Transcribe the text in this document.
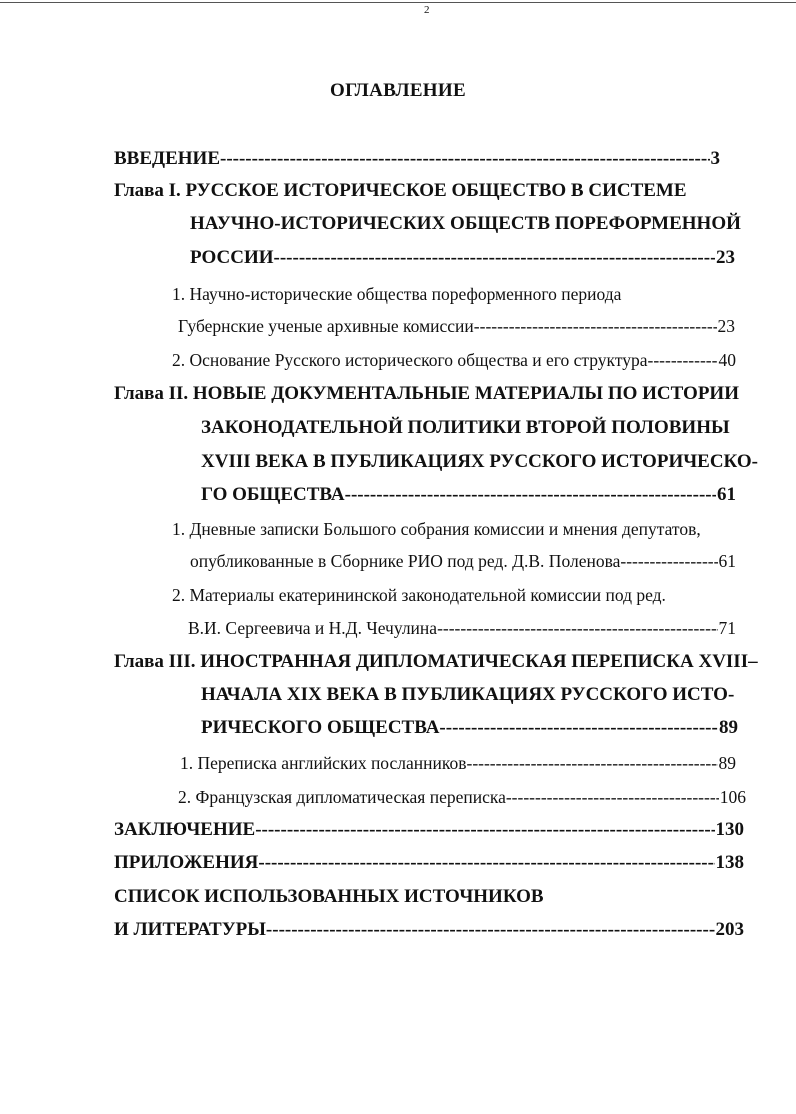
2
ОГЛАВЛЕНИЕ
ВВЕДЕНИЕ -----	3
Глава I. РУССКОЕ ИСТОРИЧЕСКОЕ ОБЩЕСТВО В СИСТЕМЕ
НАУЧНО-ИСТОРИЧЕСКИХ ОБЩЕСТВ ПОРЕФОРМЕННОЙ
РОССИИ -----	23
1. Научно-исторические общества пореформенного периода
Губернские ученые архивные комиссии -----	23
2. Основание Русского исторического общества и его структура -----	40
Глава II. НОВЫЕ ДОКУМЕНТАЛЬНЫЕ МАТЕРИАЛЫ ПО ИСТОРИИ
ЗАКОНОДАТЕЛЬНОЙ ПОЛИТИКИ ВТОРОЙ ПОЛОВИНЫ
XVIII ВЕКА В ПУБЛИКАЦИЯХ РУССКОГО ИСТОРИЧЕСКО-
ГО ОБЩЕСТВА -----	61
1. Дневные записки Большого собрания комиссии и мнения депутатов,
опубликованные в Сборнике РИО под ред. Д.В. Поленова -----	61
2. Материалы екатерининской законодательной комиссии под ред.
В.И. Сергеевича и Н.Д. Чечулина -----	71
Глава III. ИНОСТРАННАЯ ДИПЛОМАТИЧЕСКАЯ ПЕРЕПИСКА XVIII–
НАЧАЛА XIX ВЕКА В ПУБЛИКАЦИЯХ РУССКОГО ИСТО-
РИЧЕСКОГО ОБЩЕСТВА -----	89
1. Переписка английских посланников -----	89
2. Французская дипломатическая переписка -----	106
ЗАКЛЮЧЕНИЕ -----	130
ПРИЛОЖЕНИЯ -----	138
СПИСОК ИСПОЛЬЗОВАННЫХ ИСТОЧНИКОВ
И ЛИТЕРАТУРЫ -----	203
